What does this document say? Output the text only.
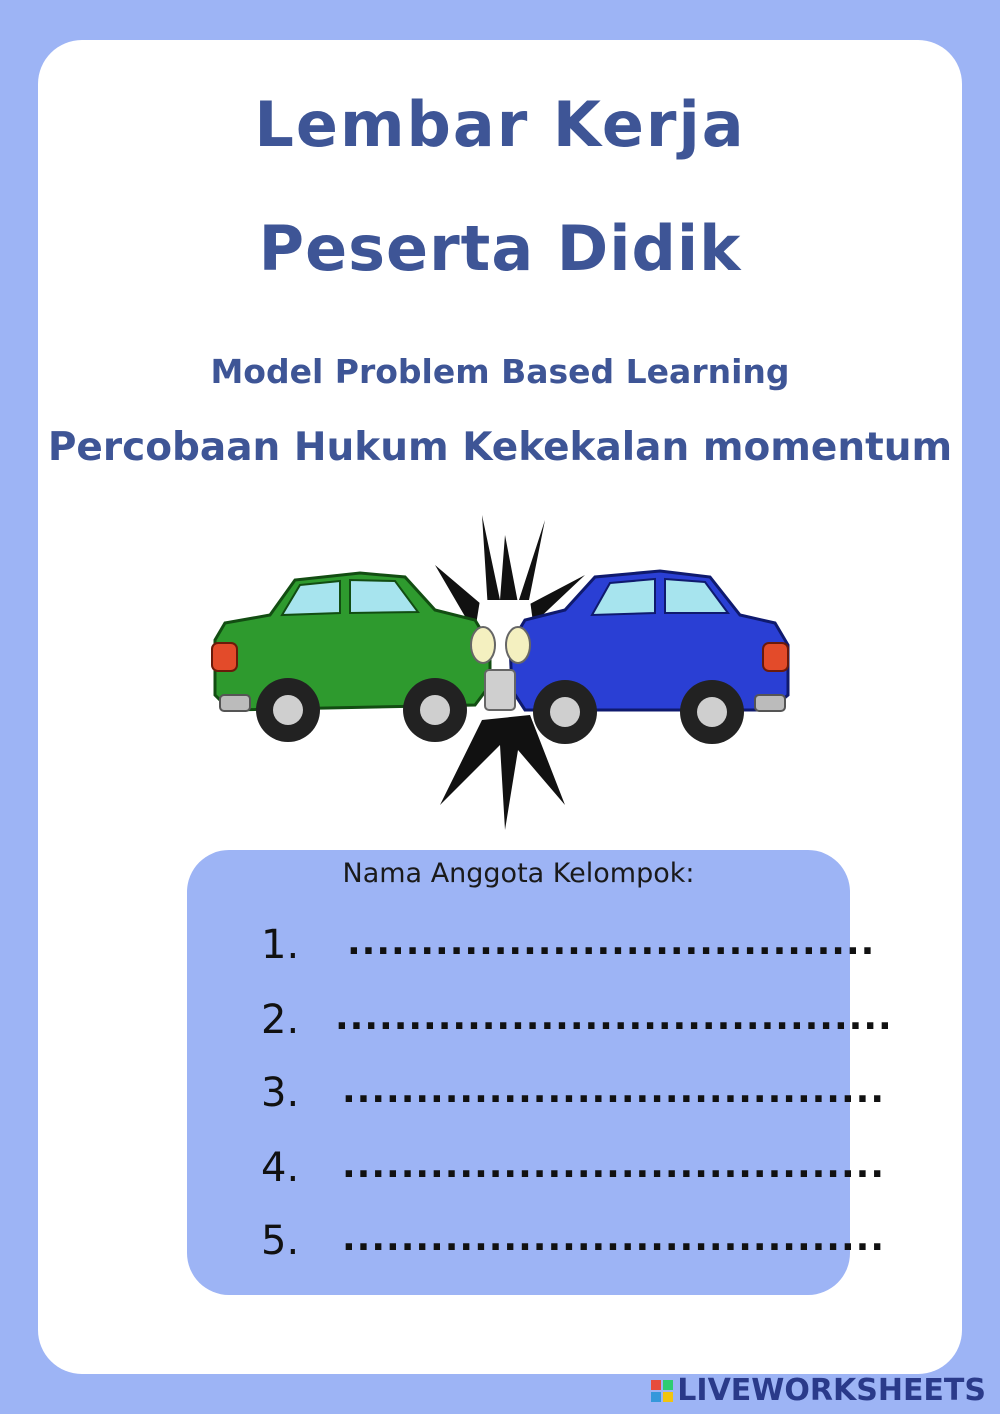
Lembar Kerja
Peserta Didik
Model Problem Based Learning
Percobaan Hukum Kekekalan momentum
Nama Anggota Kelompok:
1. ....................................
2. ......................................
3. .....................................
4. .....................................
5. .....................................
LIVEWORKSHEETS
